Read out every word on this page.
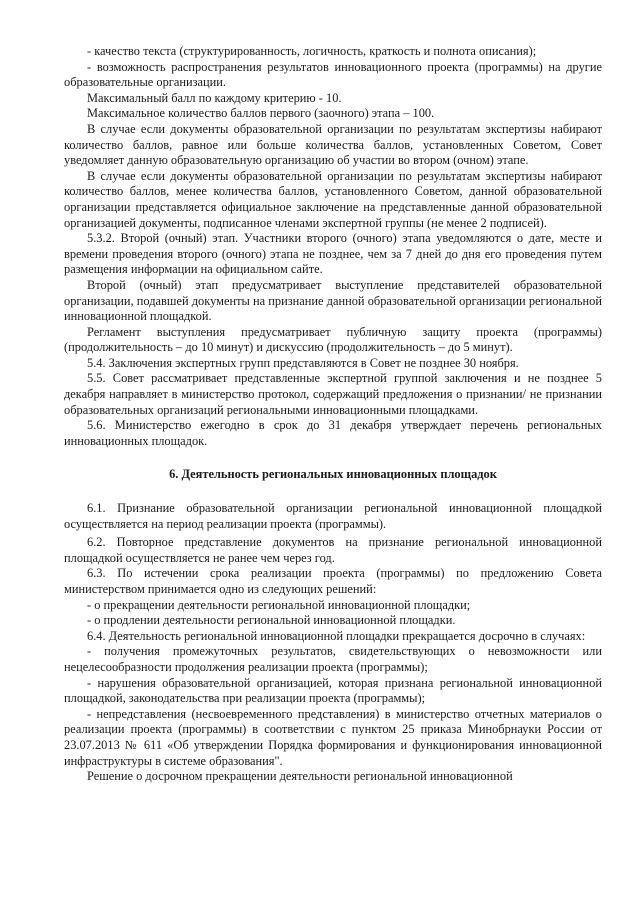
- качество текста (структурированность, логичность, краткость и полнота описания);

- возможность распространения результатов инновационного проекта (программы) на другие образовательные организации.

Максимальный балл по каждому критерию - 10.

Максимальное количество баллов первого (заочного) этапа – 100.

В случае если документы образовательной организации по результатам экспертизы набирают количество баллов, равное или больше количества баллов, установленных Советом, Совет уведомляет данную образовательную организацию об участии во втором (очном) этапе.

В случае если документы образовательной организации по результатам экспертизы набирают количество баллов, менее количества баллов, установленного Советом, данной образовательной организации представляется официальное заключение на представленные данной образовательной организацией документы, подписанное членами экспертной группы (не менее 2 подписей).

5.3.2. Второй (очный) этап. Участники второго (очного) этапа уведомляются о дате, месте и времени проведения второго (очного) этапа не позднее, чем за 7 дней до дня его проведения путем размещения информации на официальном сайте.

Второй (очный) этап предусматривает выступление представителей образовательной организации, подавшей документы на признание данной образовательной организации региональной инновационной площадкой.

Регламент выступления предусматривает публичную защиту проекта (программы) (продолжительность – до 10 минут) и дискуссию (продолжительность – до 5 минут).

5.4. Заключения экспертных групп представляются в Совет не позднее 30 ноября.

5.5. Совет рассматривает представленные экспертной группой заключения и не позднее 5 декабря направляет в министерство протокол, содержащий предложения о признании/ не признании образовательных организаций региональными инновационными площадками.

5.6. Министерство ежегодно в срок до 31 декабря утверждает перечень региональных инновационных площадок.

6. Деятельность региональных инновационных площадок

6.1. Признание образовательной организации региональной инновационной площадкой осуществляется на период реализации проекта (программы).

6.2. Повторное представление документов на признание региональной инновационной площадкой осуществляется не ранее чем через год.

6.3. По истечении срока реализации проекта (программы) по предложению Совета министерством принимается одно из следующих решений:

- о прекращении деятельности региональной инновационной площадки;

- о продлении деятельности региональной инновационной площадки.

6.4. Деятельность региональной инновационной площадки прекращается досрочно в случаях:

- получения промежуточных результатов, свидетельствующих о невозможности или нецелесообразности продолжения реализации проекта (программы);

- нарушения образовательной организацией, которая признана региональной инновационной площадкой, законодательства при реализации проекта (программы);

- непредставления (несвоевременного представления) в министерство отчетных материалов о реализации проекта (программы) в соответствии с пунктом 25 приказа Минобрнауки России от 23.07.2013 № 611 «Об утверждении Порядка формирования и функционирования инновационной инфраструктуры в системе образования".

Решение о досрочном прекращении деятельности региональной инновационной
